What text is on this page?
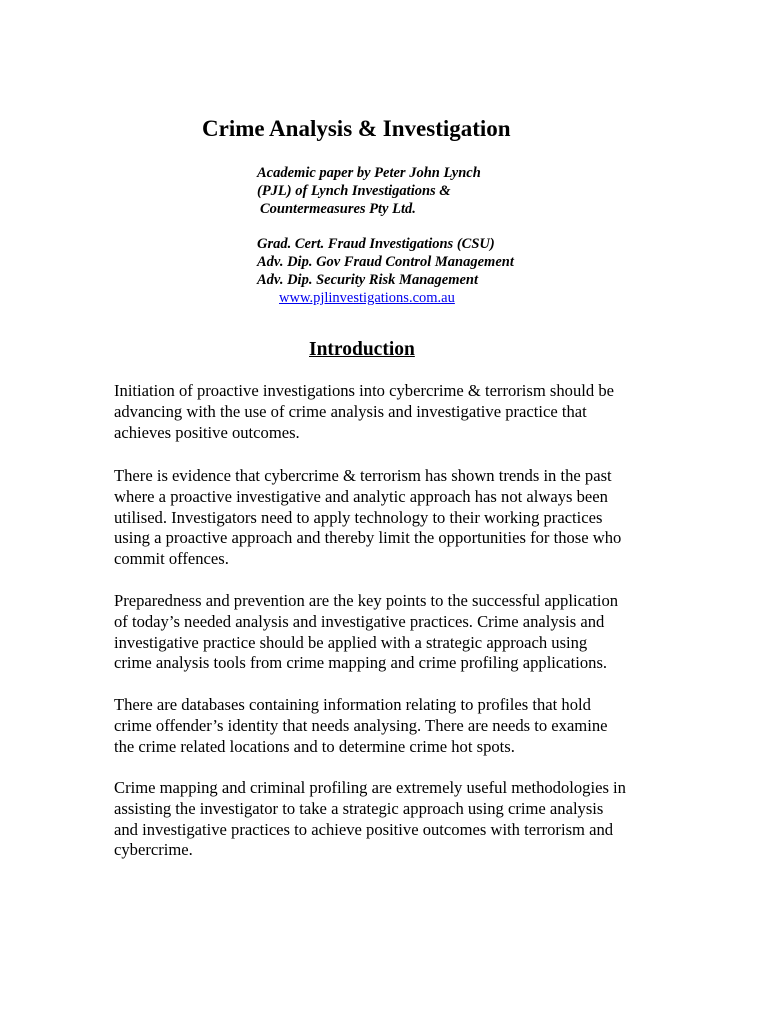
Crime Analysis & Investigation
Academic paper by Peter John Lynch
(PJL) of Lynch Investigations &
Countermeasures Pty Ltd.
Grad. Cert. Fraud Investigations (CSU)
Adv. Dip. Gov Fraud Control Management
Adv. Dip. Security Risk Management
www.pjlinvestigations.com.au
Introduction

Initiation of proactive investigations into cybercrime & terrorism should be
advancing with the use of crime analysis and investigative practice that
achieves positive outcomes.

There is evidence that cybercrime & terrorism has shown trends in the past
where a proactive investigative and analytic approach has not always been
utilised. Investigators need to apply technology to their working practices
using a proactive approach and thereby limit the opportunities for those who
commit offences.

Preparedness and prevention are the key points to the successful application
of today’s needed analysis and investigative practices. Crime analysis and
investigative practice should be applied with a strategic approach using
crime analysis tools from crime mapping and crime profiling applications.

There are databases containing information relating to profiles that hold
crime offender’s identity that needs analysing. There are needs to examine
the crime related locations and to determine crime hot spots.

Crime mapping and criminal profiling are extremely useful methodologies in
assisting the investigator to take a strategic approach using crime analysis
and investigative practices to achieve positive outcomes with terrorism and
cybercrime.
